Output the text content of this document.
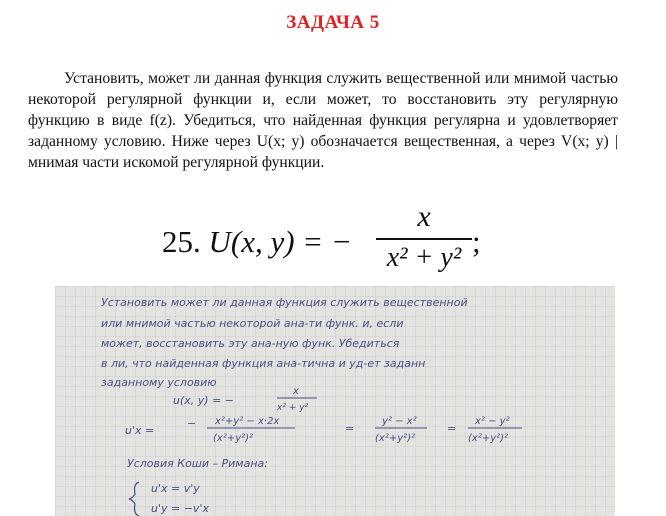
ЗАДАЧА 5
Установить, может ли данная функция служить вещественной или мнимой частью некоторой регулярной функции и, если может, то восстановить эту регулярную функцию в виде f(z). Убедиться, что найденная функция регулярна и удовлетворяет заданному условию. Ниже через U(x; y) обозначается вещественная, а через V(x; y) | мнимая части искомой регулярной функции.
25. U(x, y) = −
x
x² + y² ;
Установить может ли данная функция служить вещественной
или мнимой частью некоторой ана-ти функ. и, если
может, восстановить эту ана-ную функ. Убедиться
в ли, что найденная функция ана-тична и уд-ет заданн
заданному условию
u(x, y) = −
x
x² + y²
u'x =
− x²+y² − x·2x
(x²+y²)²
=
y² − x²
(x²+y²)²
=
x² − y²
(x²+y²)²
Условия Коши – Римана:
u'x = v'y
u'y = −v'x
